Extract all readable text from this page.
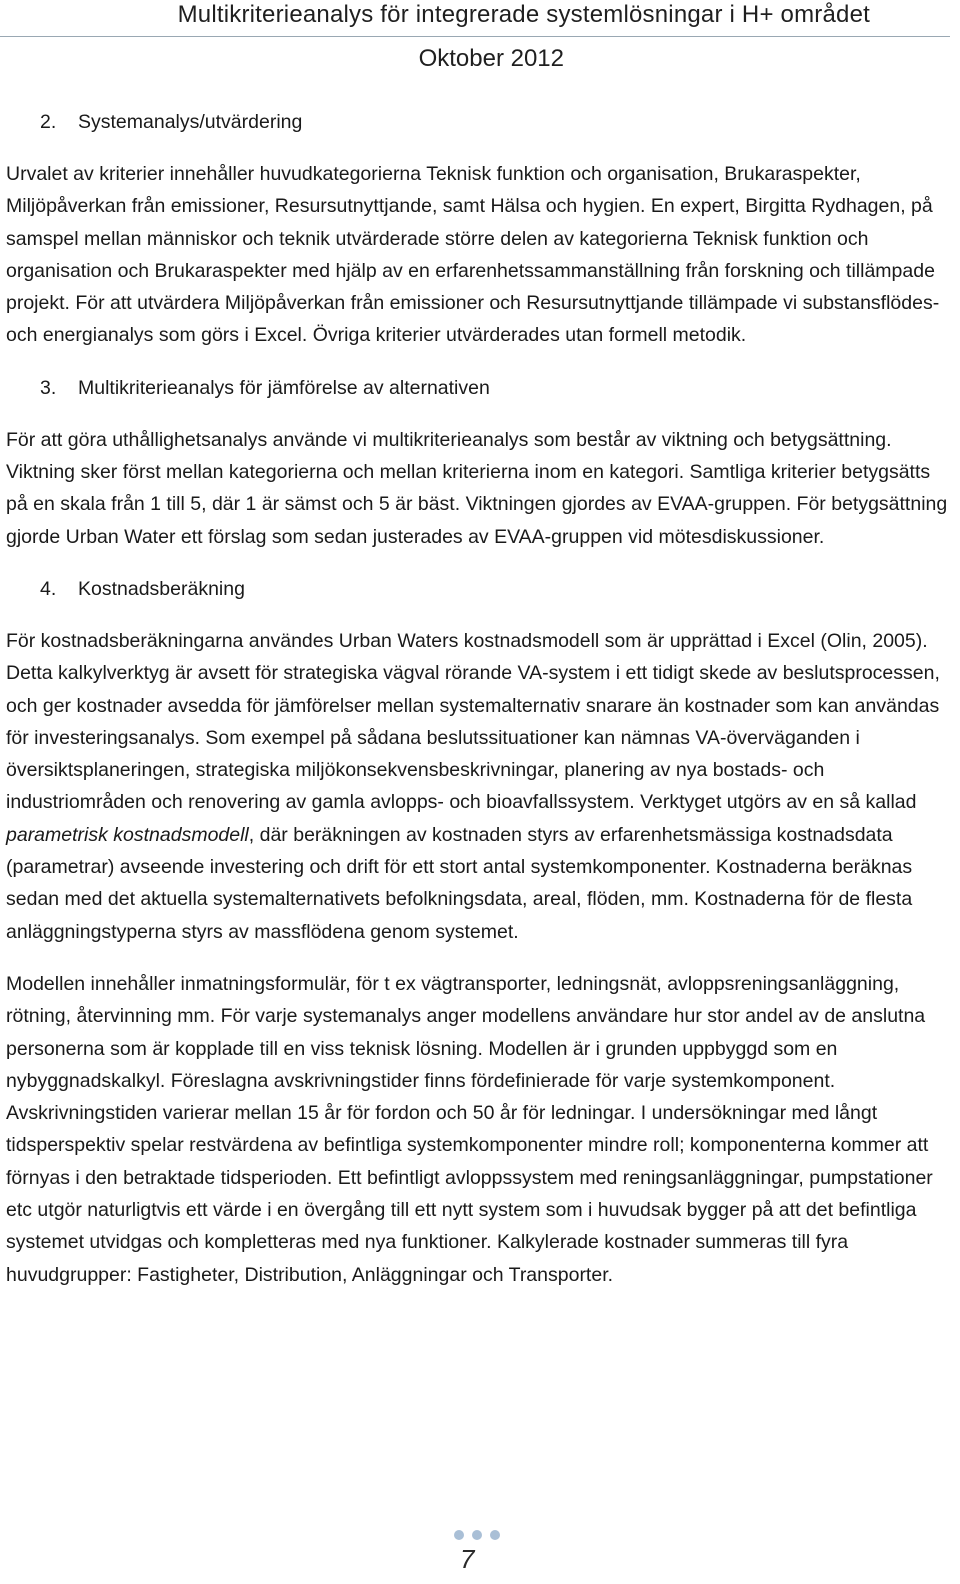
Multikriterieanalys för integrerade systemlösningar i H+ området
Oktober 2012
2. Systemanalys/utvärdering

Urvalet av kriterier innehåller huvudkategorierna Teknisk funktion och organisation, Brukaraspekter, Miljöpåverkan från emissioner, Resursutnyttjande, samt Hälsa och hygien. En expert, Birgitta Rydhagen, på samspel mellan människor och teknik utvärderade större delen av kategorierna Teknisk funktion och organisation och Brukaraspekter med hjälp av en erfarenhetssammanställning från forskning och tillämpade projekt. För att utvärdera Miljöpåverkan från emissioner och Resursutnyttjande tillämpade vi substansflödes- och energianalys som görs i Excel. Övriga kriterier utvärderades utan formell metodik.

3. Multikriterieanalys för jämförelse av alternativen

För att göra uthållighetsanalys använde vi multikriterieanalys som består av viktning och betygsättning. Viktning sker först mellan kategorierna och mellan kriterierna inom en kategori. Samtliga kriterier betygsätts på en skala från 1 till 5, där 1 är sämst och 5 är bäst. Viktningen gjordes av EVAA-gruppen. För betygsättning gjorde Urban Water ett förslag som sedan justerades av EVAA-gruppen vid mötesdiskussioner.

4. Kostnadsberäkning

För kostnadsberäkningarna användes Urban Waters kostnadsmodell som är upprättad i Excel (Olin, 2005). Detta kalkylverktyg är avsett för strategiska vägval rörande VA-system i ett tidigt skede av beslutsprocessen, och ger kostnader avsedda för jämförelser mellan systemalternativ snarare än kostnader som kan användas för investeringsanalys. Som exempel på sådana beslutssituationer kan nämnas VA-överväganden i översiktsplaneringen, strategiska miljökonsekvensbeskrivningar, planering av nya bostads- och industriområden och renovering av gamla avlopps- och bioavfallssystem. Verktyget utgörs av en så kallad parametrisk kostnadsmodell, där beräkningen av kostnaden styrs av erfarenhetsmässiga kostnadsdata (parametrar) avseende investering och drift för ett stort antal systemkomponenter. Kostnaderna beräknas sedan med det aktuella systemalternativets befolkningsdata, areal, flöden, mm. Kostnaderna för de flesta anläggningstyperna styrs av massflödena genom systemet.

Modellen innehåller inmatningsformulär, för t ex vägtransporter, ledningsnät, avloppsreningsanläggning, rötning, återvinning mm. För varje systemanalys anger modellens användare hur stor andel av de anslutna personerna som är kopplade till en viss teknisk lösning. Modellen är i grunden uppbyggd som en nybyggnadskalkyl. Föreslagna avskrivningstider finns fördefinierade för varje systemkomponent. Avskrivningstiden varierar mellan 15 år för fordon och 50 år för ledningar. I undersökningar med långt tidsperspektiv spelar restvärdena av befintliga systemkomponenter mindre roll; komponenterna kommer att förnyas i den betraktade tidsperioden. Ett befintligt avloppssystem med reningsanläggningar, pumpstationer etc utgör naturligtvis ett värde i en övergång till ett nytt system som i huvudsak bygger på att det befintliga systemet utvidgas och kompletteras med nya funktioner. Kalkylerade kostnader summeras till fyra huvudgrupper: Fastigheter, Distribution, Anläggningar och Transporter.

7
